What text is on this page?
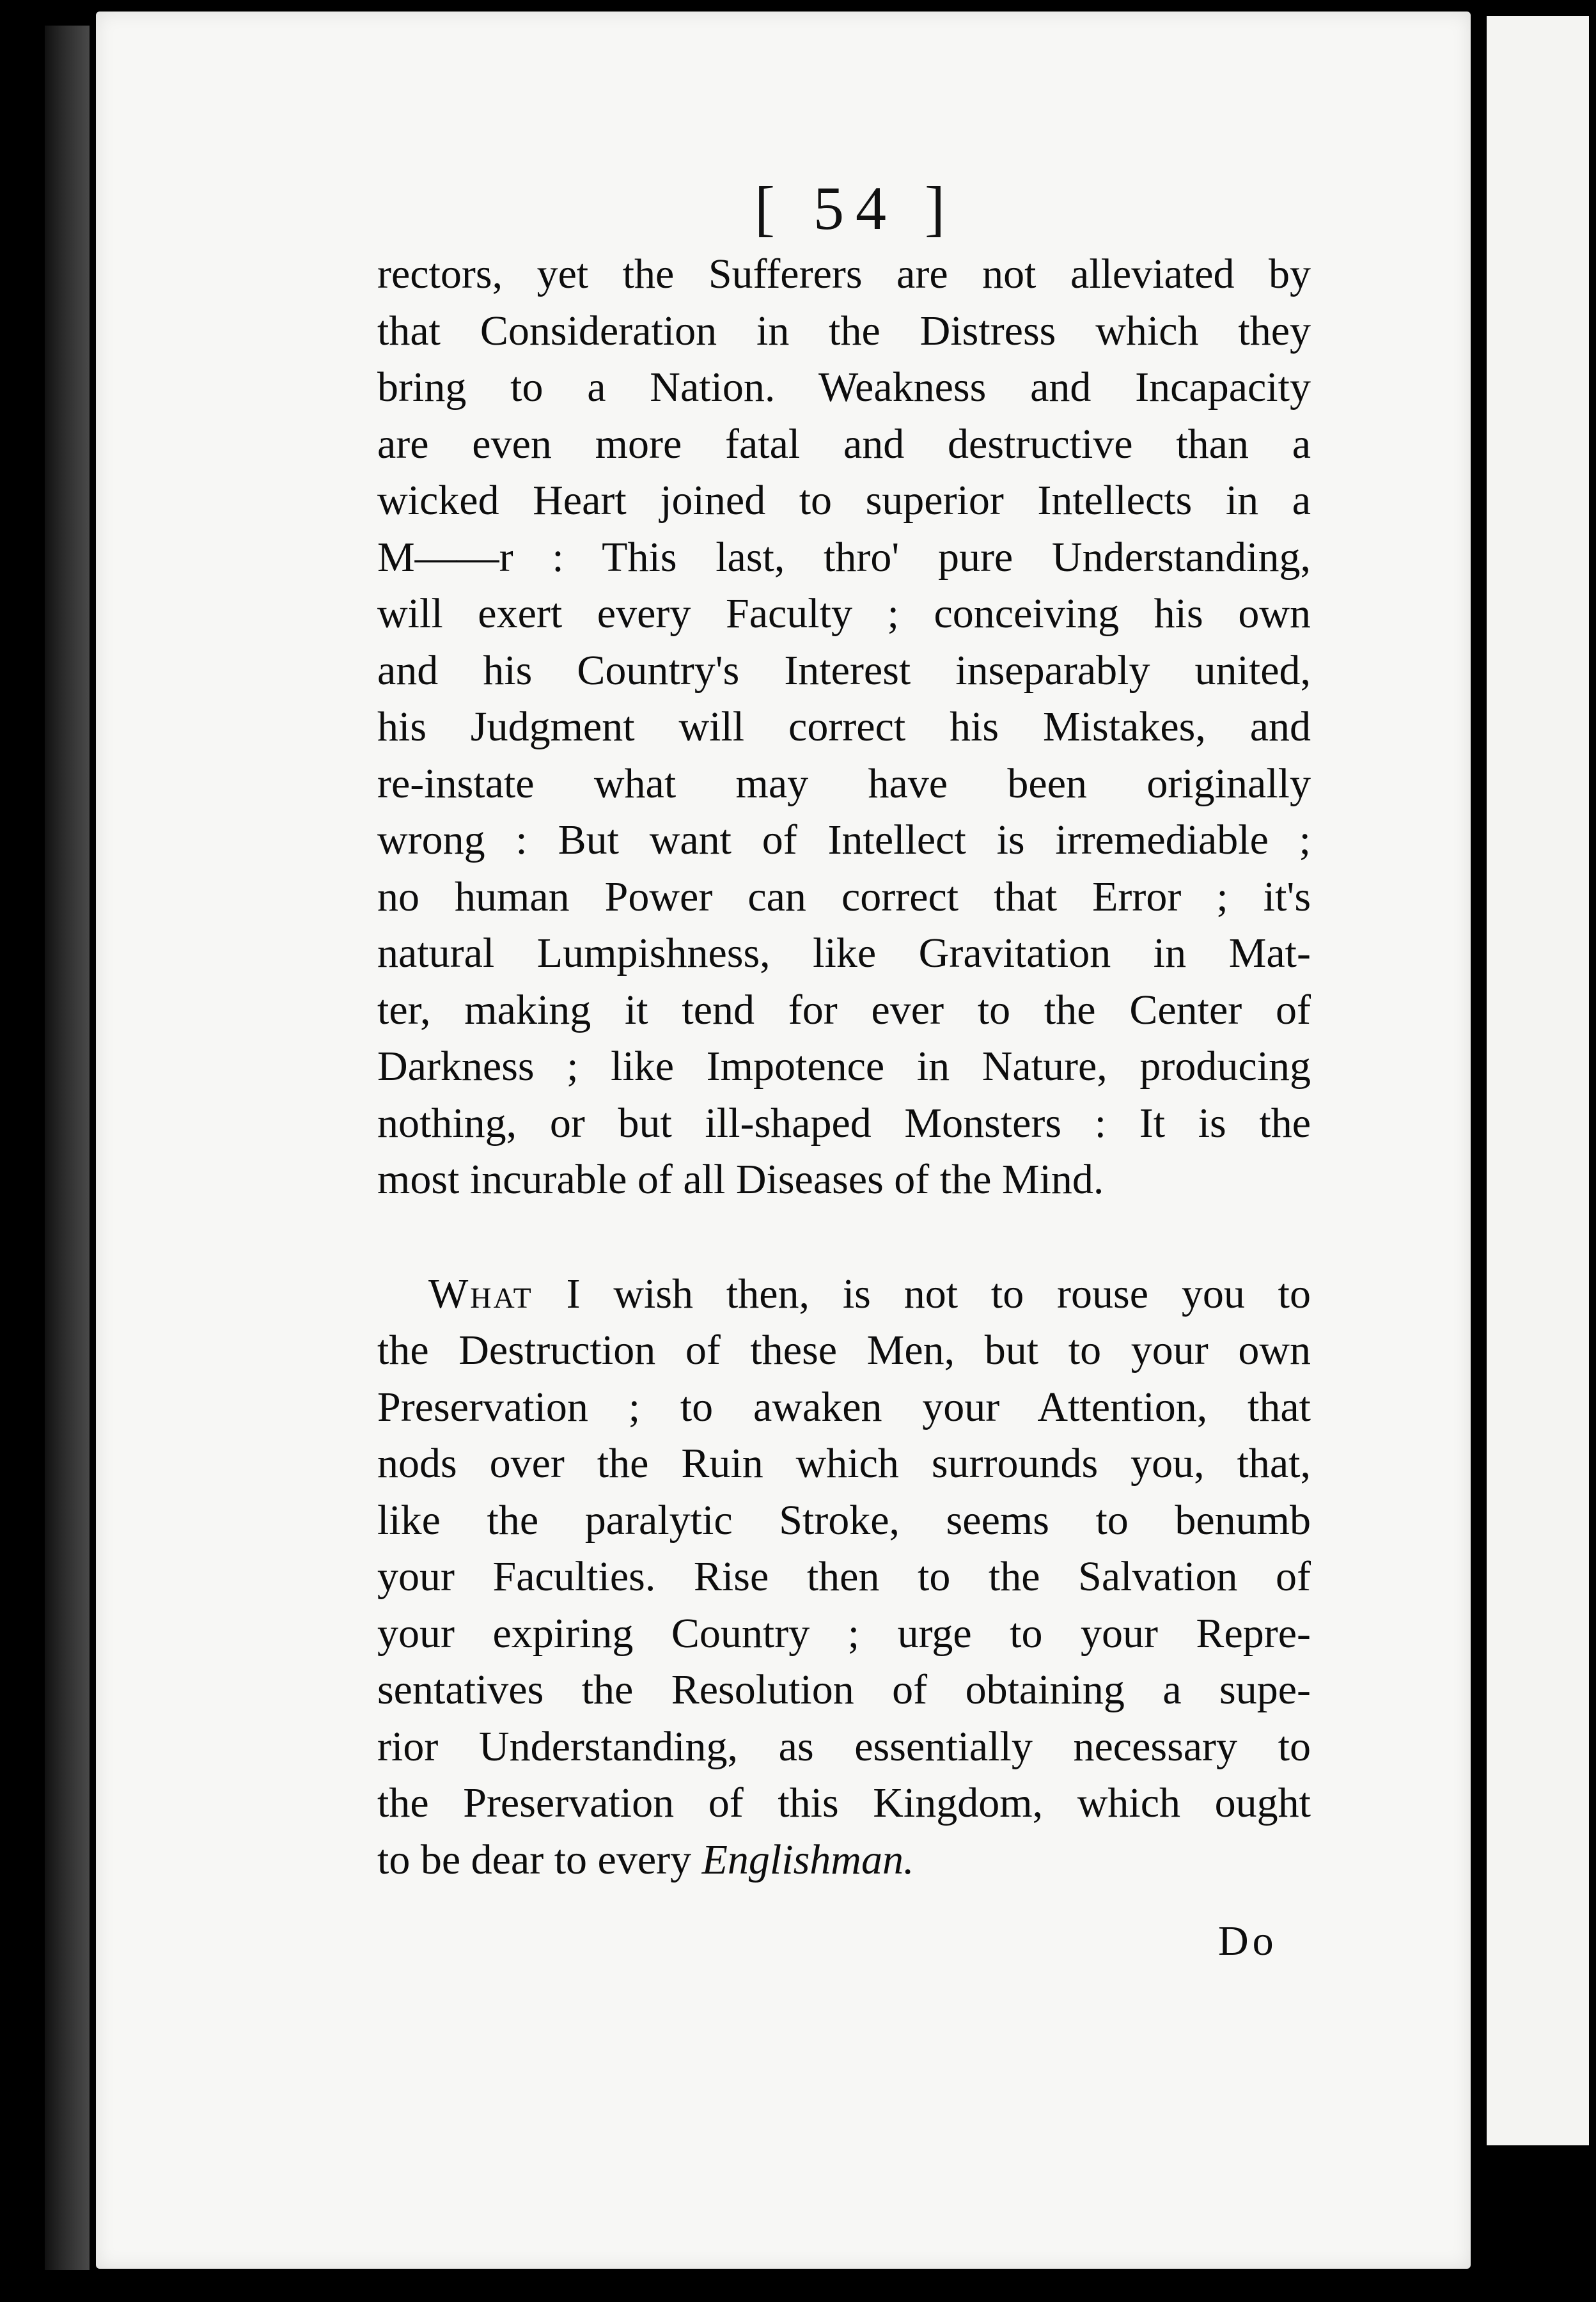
[ 54 ]
rectors, yet the Sufferers are not alleviated by
that Consideration in the Distress which they
bring to a Nation. Weakness and Incapacity
are even more fatal and destructive than a
wicked Heart joined to superior Intellects in a
M——r : This last, thro' pure Understanding,
will exert every Faculty ; conceiving his own
and his Country's Interest inseparably united,
his Judgment will correct his Mistakes, and
re-instate what may have been originally
wrong : But want of Intellect is irremediable ;
no human Power can correct that Error ; it's
natural Lumpishness, like Gravitation in Mat-
ter, making it tend for ever to the Center of
Darkness ; like Impotence in Nature, producing
nothing, or but ill-shaped Monsters : It is the
most incurable of all Diseases of the Mind.
What I wish then, is not to rouse you to
the Destruction of these Men, but to your own
Preservation ; to awaken your Attention, that
nods over the Ruin which surrounds you, that,
like the paralytic Stroke, seems to benumb
your Faculties. Rise then to the Salvation of
your expiring Country ; urge to your Repre-
sentatives the Resolution of obtaining a supe-
rior Understanding, as essentially necessary to
the Preservation of this Kingdom, which ought
to be dear to every Englishman.
Do
